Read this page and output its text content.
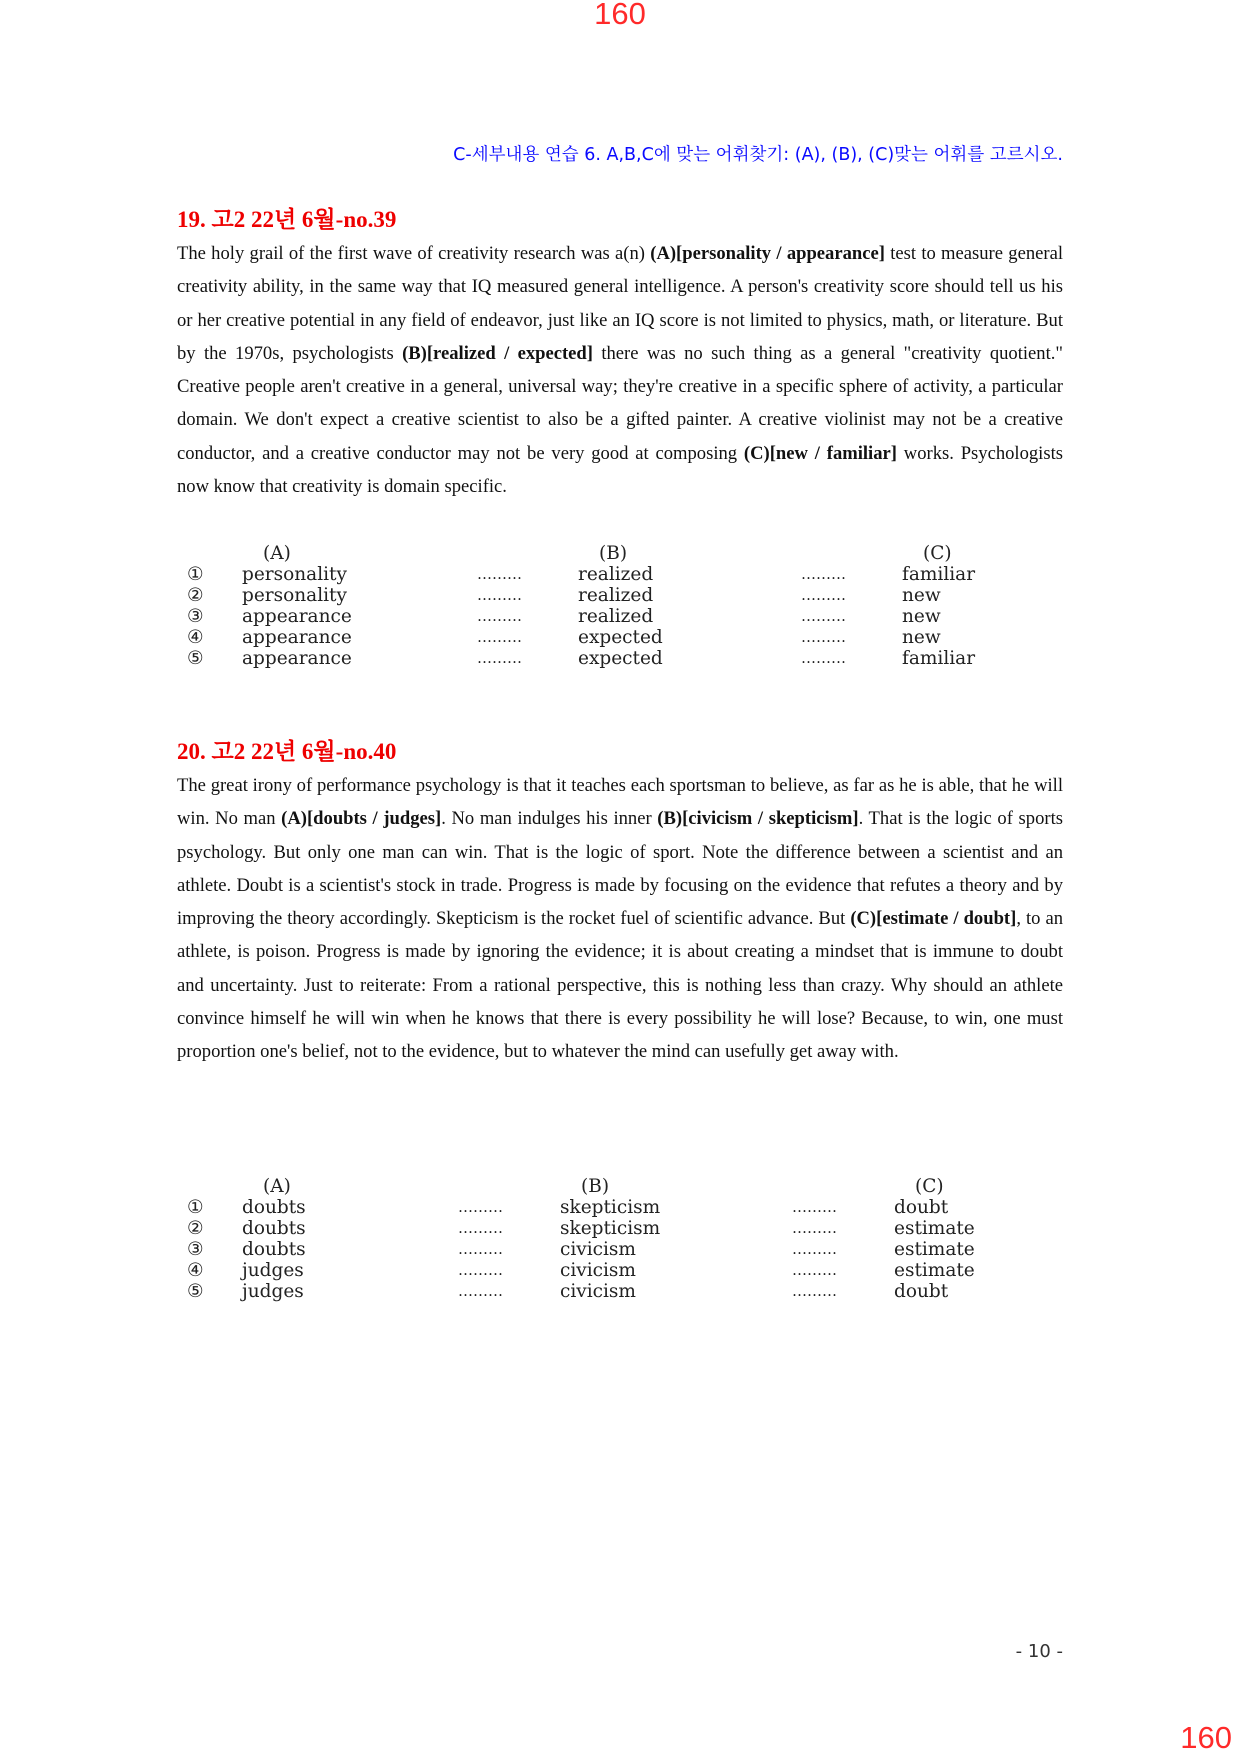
160
C-세부내용 연습 6. A,B,C에 맞는 어휘찾기: (A), (B), (C)맞는 어휘를 고르시오.
19. 고2 22년 6월-no.39

The holy grail of the first wave of creativity research was a(n) (A)[personality / appearance] test to measure general creativity ability, in the same way that IQ measured general intelligence. A person's creativity score should tell us his or her creative potential in any field of endeavor, just like an IQ score is not limited to physics, math, or literature. But by the 1970s, psychologists (B)[realized / expected] there was no such thing as a general "creativity quotient." Creative people aren't creative in a general, universal way; they're creative in a specific sphere of activity, a particular domain. We don't expect a creative scientist to also be a gifted painter. A creative violinist may not be a creative conductor, and a creative conductor may not be very good at composing (C)[new / familiar] works. Psychologists now know that creativity is domain specific.

(A)	(B)	(C)
① personality	………	realized	………	familiar
② personality	………	realized	………	new
③ appearance	………	realized	………	new
④ appearance	………	expected	………	new
⑤ appearance	………	expected	………	familiar
20. 고2 22년 6월-no.40

The great irony of performance psychology is that it teaches each sportsman to believe, as far as he is able, that he will win. No man (A)[doubts / judges]. No man indulges his inner (B)[civicism / skepticism]. That is the logic of sports psychology. But only one man can win. That is the logic of sport. Note the difference between a scientist and an athlete. Doubt is a scientist's stock in trade. Progress is made by focusing on the evidence that refutes a theory and by improving the theory accordingly. Skepticism is the rocket fuel of scientific advance. But (C)[estimate / doubt], to an athlete, is poison. Progress is made by ignoring the evidence; it is about creating a mindset that is immune to doubt and uncertainty. Just to reiterate: From a rational perspective, this is nothing less than crazy. Why should an athlete convince himself he will win when he knows that there is every possibility he will lose? Because, to win, one must proportion one's belief, not to the evidence, but to whatever the mind can usefully get away with.

(A)	(B)	(C)
① doubts	………	skepticism	………	doubt
② doubts	………	skepticism	………	estimate
③ doubts	………	civicism	………	estimate
④ judges	………	civicism	………	estimate
⑤ judges	………	civicism	………	doubt
- 10 -
160
